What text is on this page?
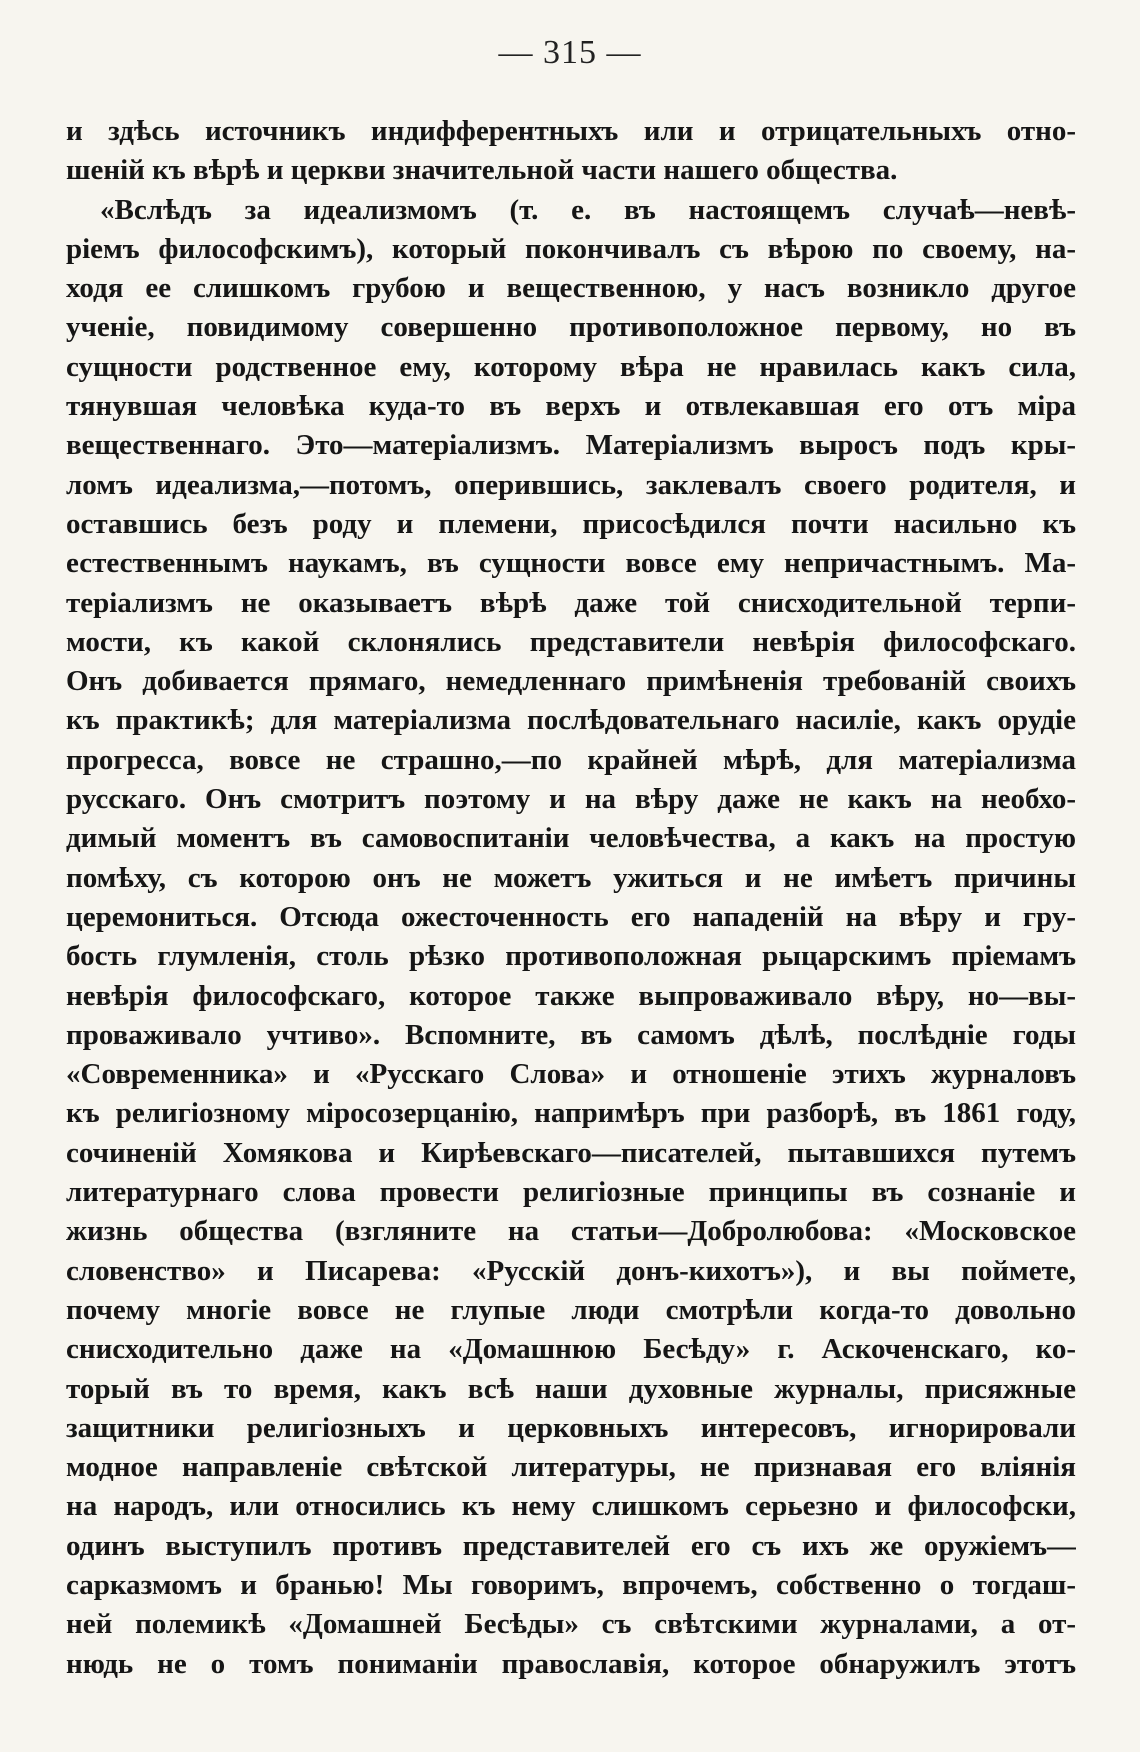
— 315 —
и здѣсь источникъ индифферентныхъ или и отрицательныхъ отно-
шеній къ вѣрѣ и церкви значительной части нашего общества.
«Вслѣдъ за идеализмомъ (т. е. въ настоящемъ случаѣ—невѣ-
ріемъ философскимъ), который покончивалъ съ вѣрою по своему, на-
ходя ее слишкомъ грубою и вещественною, у насъ возникло другое
ученіе, повидимому совершенно противоположное первому, но въ
сущности родственное ему, которому вѣра не нравилась какъ сила,
тянувшая человѣка куда-то въ верхъ и отвлекавшая его отъ міра
вещественнаго. Это—матеріализмъ. Матеріализмъ выросъ подъ кры-
ломъ идеализма,—потомъ, оперившись, заклевалъ своего родителя, и
оставшись безъ роду и племени, присосѣдился почти насильно къ
естественнымъ наукамъ, въ сущности вовсе ему непричастнымъ. Ма-
теріализмъ не оказываетъ вѣрѣ даже той снисходительной терпи-
мости, къ какой склонялись представители невѣрія философскаго.
Онъ добивается прямаго, немедленнаго примѣненія требованій своихъ
къ практикѣ; для матеріализма послѣдовательнаго насиліе, какъ орудіе
прогресса, вовсе не страшно,—по крайней мѣрѣ, для матеріализма
русскаго. Онъ смотритъ поэтому и на вѣру даже не какъ на необхо-
димый моментъ въ самовоспитаніи человѣчества, а какъ на простую
помѣху, съ которою онъ не можетъ ужиться и не имѣетъ причины
церемониться. Отсюда ожесточенность его нападеній на вѣру и гру-
бость глумленія, столь рѣзко противоположная рыцарскимъ пріемамъ
невѣрія философскаго, которое также выпроваживало вѣру, но—вы-
проваживало учтиво». Вспомните, въ самомъ дѣлѣ, послѣдніе годы
«Современника» и «Русскаго Слова» и отношеніе этихъ журналовъ
къ религіозному міросозерцанію, напримѣръ при разборѣ, въ 1861 году,
сочиненій Хомякова и Кирѣевскаго—писателей, пытавшихся путемъ
литературнаго слова провести религіозные принципы въ сознаніе и
жизнь общества (взгляните на статьи—Добролюбова: «Московское
словенство» и Писарева: «Русскій донъ-кихотъ»), и вы поймете,
почему многіе вовсе не глупые люди смотрѣли когда-то довольно
снисходительно даже на «Домашнюю Бесѣду» г. Аскоченскаго, ко-
торый въ то время, какъ всѣ наши духовные журналы, присяжные
защитники религіозныхъ и церковныхъ интересовъ, игнорировали
модное направленіе свѣтской литературы, не признавая его вліянія
на народъ, или относились къ нему слишкомъ серьезно и философски,
одинъ выступилъ противъ представителей его съ ихъ же оружіемъ—
сарказмомъ и бранью! Мы говоримъ, впрочемъ, собственно о тогдаш-
ней полемикѣ «Домашней Бесѣды» съ свѣтскими журналами, а от-
нюдь не о томъ пониманіи православія, которое обнаружилъ этотъ
